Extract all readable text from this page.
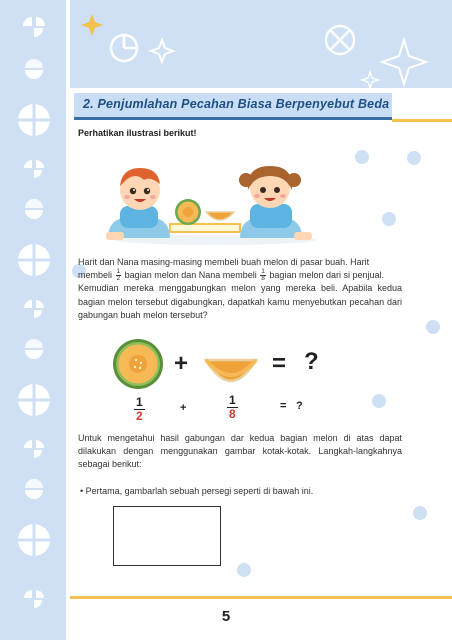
2. Penjumlahan Pecahan Biasa Berpenyebut Beda
Perhatikan ilustrasi berikut!
Harit dan Nana masing-masing membeli buah melon di pasar buah. Harit
membeli $\frac{1}{2}$ bagian melon dan Nana membeli $\frac{1}{8}$ bagian melon dari si penjual.
Kemudian mereka menggabungkan melon yang mereka beli. Apabila kedua bagian melon tersebut digabungkan, dapatkah kamu menyebutkan pecahan dari gabungan buah melon tersebut?
+	= ?
$\frac{1}{2}$	+	$\frac{1}{8}$	= ?
Untuk mengetahui hasil gabungan dar kedua bagian melon di atas dapat dilakukan dengan menggunakan gambar kotak-kotak. Langkah-langkahnya sebagai berikut:
• Pertama, gambarlah sebuah persegi seperti di bawah ini.
5
